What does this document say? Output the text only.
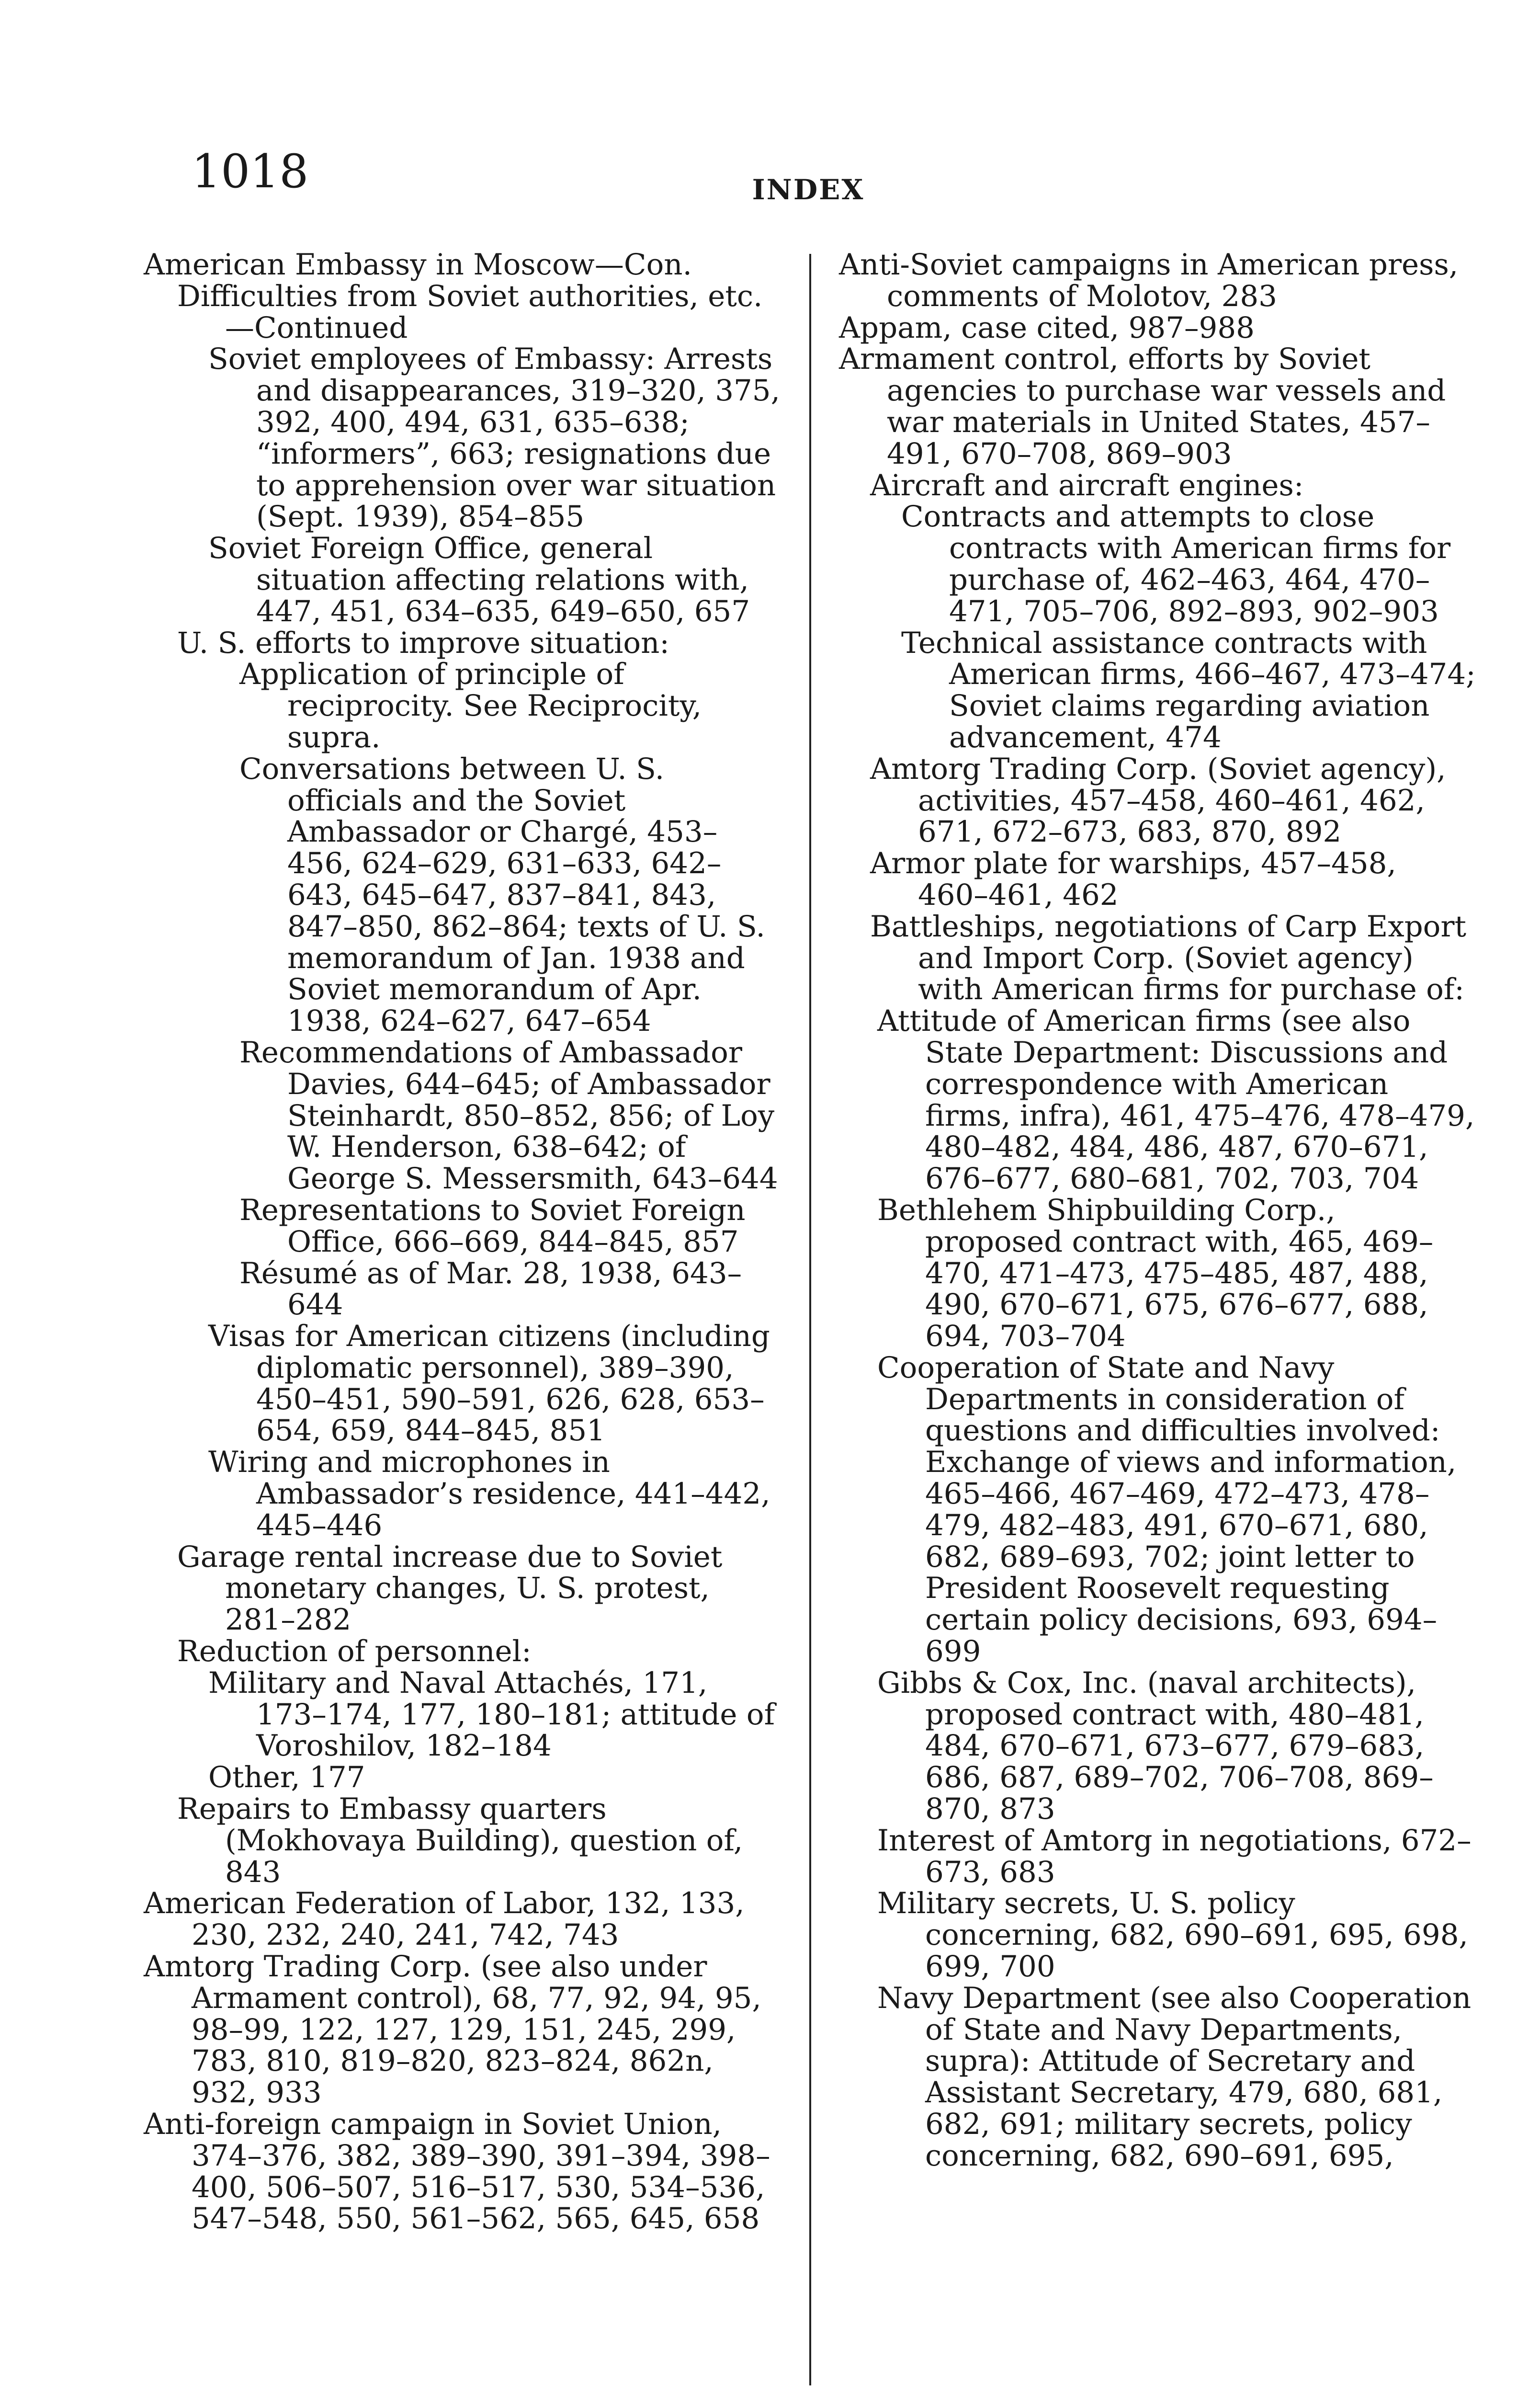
1018	INDEX
American Embassy in Moscow—Con.
Difficulties from Soviet authorities, etc.—Continued
Soviet employees of Embassy: Arrests and disappearances, 319–320, 375, 392, 400, 494, 631, 635–638; “informers”, 663; resignations due to apprehension over war situation (Sept. 1939), 854–855
Soviet Foreign Office, general situation affecting relations with, 447, 451, 634–635, 649–650, 657
U. S. efforts to improve situation:
Application of principle of reciprocity. See Reciprocity, supra.
Conversations between U. S. officials and the Soviet Ambassador or Chargé, 453–456, 624–629, 631–633, 642–643, 645–647, 837–841, 843, 847–850, 862–864; texts of U. S. memorandum of Jan. 1938 and Soviet memorandum of Apr. 1938, 624–627, 647–654
Recommendations of Ambassador Davies, 644–645; of Ambassador Steinhardt, 850–852, 856; of Loy W. Henderson, 638–642; of George S. Messersmith, 643–644
Representations to Soviet Foreign Office, 666–669, 844–845, 857
Résumé as of Mar. 28, 1938, 643–644
Visas for American citizens (including diplomatic personnel), 389–390, 450–451, 590–591, 626, 628, 653–654, 659, 844–845, 851
Wiring and microphones in Ambassador’s residence, 441–442, 445–446
Garage rental increase due to Soviet monetary changes, U. S. protest, 281–282
Reduction of personnel:
Military and Naval Attachés, 171, 173–174, 177, 180–181; attitude of Voroshilov, 182–184
Other, 177
Repairs to Embassy quarters (Mokhovaya Building), question of, 843
American Federation of Labor, 132, 133, 230, 232, 240, 241, 742, 743
Amtorg Trading Corp. (see also under Armament control), 68, 77, 92, 94, 95, 98–99, 122, 127, 129, 151, 245, 299, 783, 810, 819–820, 823–824, 862n, 932, 933
Anti-foreign campaign in Soviet Union, 374–376, 382, 389–390, 391–394, 398–400, 506–507, 516–517, 530, 534–536, 547–548, 550, 561–562, 565, 645, 658
Anti-Soviet campaigns in American press, comments of Molotov, 283
Appam, case cited, 987–988
Armament control, efforts by Soviet agencies to purchase war vessels and war materials in United States, 457–491, 670–708, 869–903
Aircraft and aircraft engines:
Contracts and attempts to close contracts with American firms for purchase of, 462–463, 464, 470–471, 705–706, 892–893, 902–903
Technical assistance contracts with American firms, 466–467, 473–474; Soviet claims regarding aviation advancement, 474
Amtorg Trading Corp. (Soviet agency), activities, 457–458, 460–461, 462, 671, 672–673, 683, 870, 892
Armor plate for warships, 457–458, 460–461, 462
Battleships, negotiations of Carp Export and Import Corp. (Soviet agency) with American firms for purchase of:
Attitude of American firms (see also State Department: Discussions and correspondence with American firms, infra), 461, 475–476, 478–479, 480–482, 484, 486, 487, 670–671, 676–677, 680–681, 702, 703, 704
Bethlehem Shipbuilding Corp., proposed contract with, 465, 469–470, 471–473, 475–485, 487, 488, 490, 670–671, 675, 676–677, 688, 694, 703–704
Cooperation of State and Navy Departments in consideration of questions and difficulties involved: Exchange of views and information, 465–466, 467–469, 472–473, 478–479, 482–483, 491, 670–671, 680, 682, 689–693, 702; joint letter to President Roosevelt requesting certain policy decisions, 693, 694–699
Gibbs & Cox, Inc. (naval architects), proposed contract with, 480–481, 484, 670–671, 673–677, 679–683, 686, 687, 689–702, 706–708, 869–870, 873
Interest of Amtorg in negotiations, 672–673, 683
Military secrets, U. S. policy concerning, 682, 690–691, 695, 698, 699, 700
Navy Department (see also Cooperation of State and Navy Departments, supra): Attitude of Secretary and Assistant Secretary, 479, 680, 681, 682, 691; military secrets, policy concerning, 682, 690–691, 695,
